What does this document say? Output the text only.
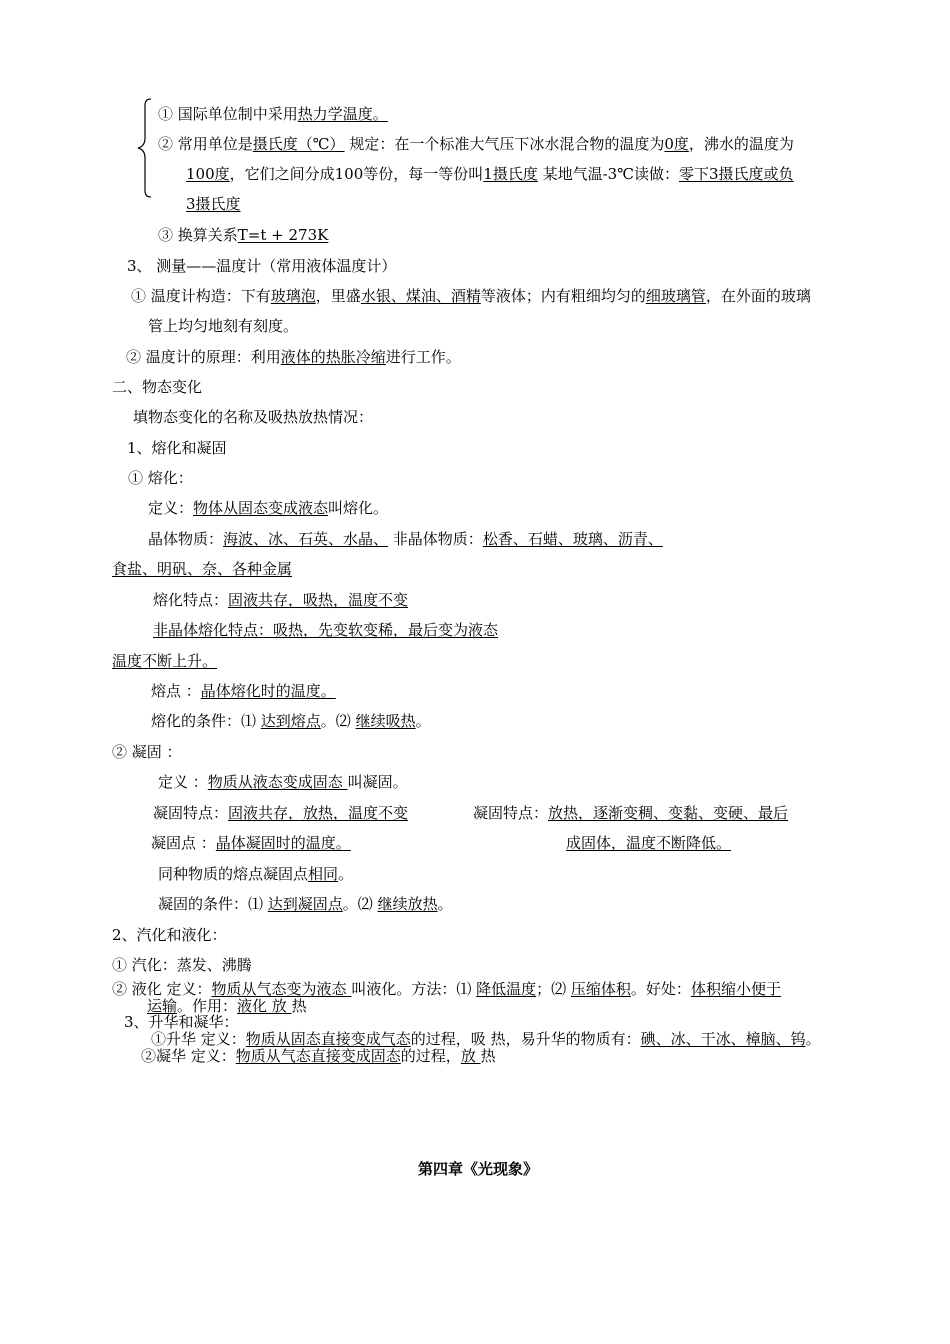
① 国际单位制中采用热力学温度。
② 常用单位是摄氏度（℃） 规定：在一个标准大气压下冰水混合物的温度为0度，沸水的温度为
100度，它们之间分成100等份，每一等份叫1摄氏度 某地气温-3℃读做：零下3摄氏度或负
3摄氏度
③ 换算关系T=t + 273K
3、 测量——温度计（常用液体温度计）
① 温度计构造：下有玻璃泡，里盛水银、煤油、酒精等液体；内有粗细均匀的细玻璃管，在外面的玻璃
管上均匀地刻有刻度。
② 温度计的原理：利用液体的热胀冷缩进行工作。
二、物态变化
填物态变化的名称及吸热放热情况：
1、熔化和凝固
① 熔化：
定义：物体从固态变成液态叫熔化。
晶体物质：海波、冰、石英、水晶、 非晶体物质：松香、石蜡、玻璃、沥青、
食盐、明矾、奈、各种金属
熔化特点：固液共存，吸热，温度不变
非晶体熔化特点：吸热，先变软变稀，最后变为液态
温度不断上升。
熔点 ：晶体熔化时的温度。
熔化的条件：⑴ 达到熔点。⑵ 继续吸热。
② 凝固 ：
定义 ：物质从液态变成固态 叫凝固。
凝固特点：固液共存，放热，温度不变	凝固特点：放热，逐渐变稠、变黏、变硬、最后
凝固点 ：晶体凝固时的温度。	成固体，温度不断降低。
同种物质的熔点凝固点相同。
凝固的条件：⑴ 达到凝固点。⑵ 继续放热。
2、汽化和液化：
① 汽化：蒸发、沸腾
② 液化 定义：物质从气态变为液态 叫液化。方法：⑴ 降低温度；⑵ 压缩体积。好处：体积缩小便于
运输。作用：液化 放 热
3、升华和凝华：
①升华 定义：物质从固态直接变成气态的过程，吸 热，易升华的物质有：碘、冰、干冰、樟脑、钨。
②凝华 定义：物质从气态直接变成固态的过程，放 热
第四章《光现象》
